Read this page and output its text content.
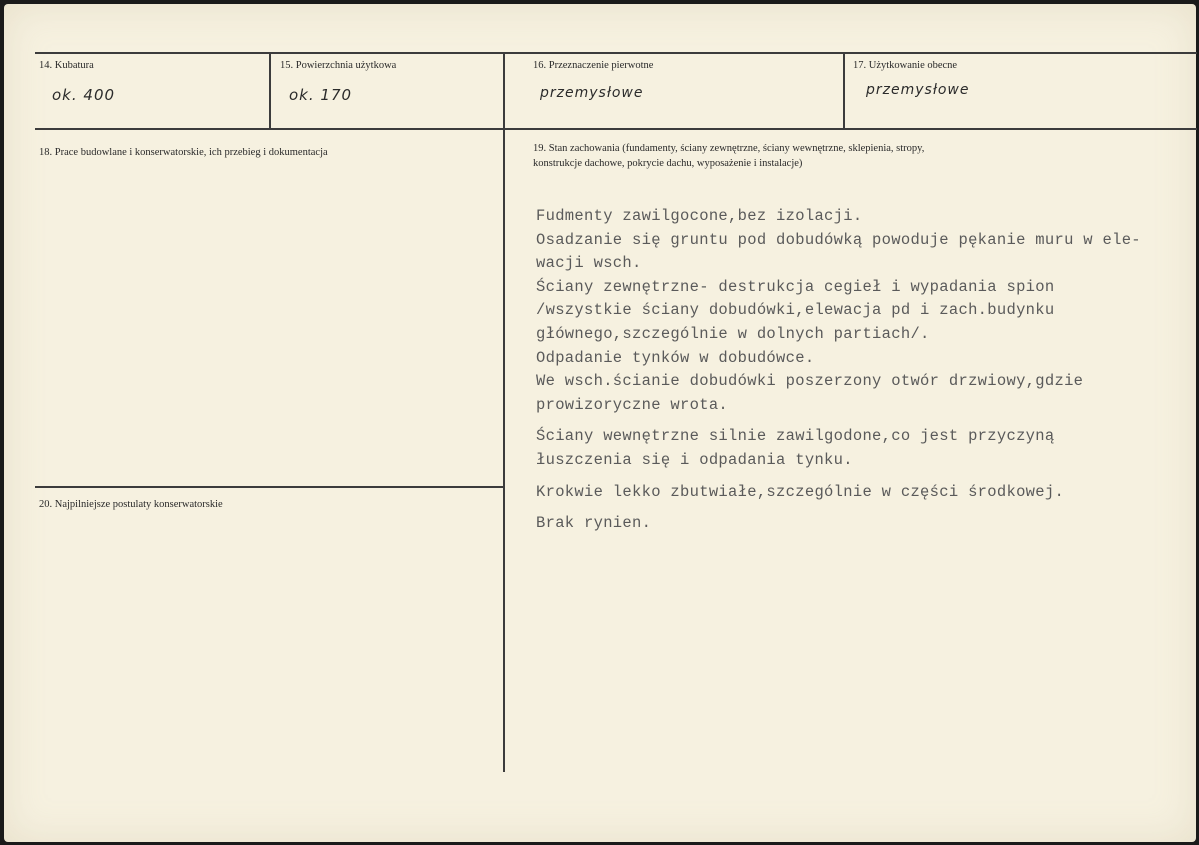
14. Kubatura
ok. 400
15. Powierzchnia użytkowa
ok. 170
16. Przeznaczenie pierwotne
przemysłowe
17. Użytkowanie obecne
przemysłowe
18. Prace budowlane i konserwatorskie, ich przebieg i dokumentacja	19. Stan zachowania (fundamenty, ściany zewnętrzne, ściany wewnętrzne, sklepienia, stropy,
konstrukcje dachowe, pokrycie dachu, wyposażenie i instalacje)
Fudmenty zawilgocone,bez izolacji.
Osadzanie się gruntu pod dobudówką powoduje pękanie muru w ele-
wacji wsch.
Ściany zewnętrzne- destrukcja cegieł i wypadania spion
/wszystkie ściany dobudówki,elewacja pd i zach.budynku
głównego,szczególnie w dolnych partiach/.
Odpadanie tynków w dobudówce.
We wsch.ścianie dobudówki poszerzony otwór drzwiowy,gdzie
prowizoryczne wrota.
Ściany wewnętrzne silnie zawilgodone,co jest przyczyną
łuszczenia się i odpadania tynku.
Krokwie lekko zbutwiałe,szczególnie w części środkowej.
Brak rynien.
20. Najpilniejsze postulaty konserwatorskie
